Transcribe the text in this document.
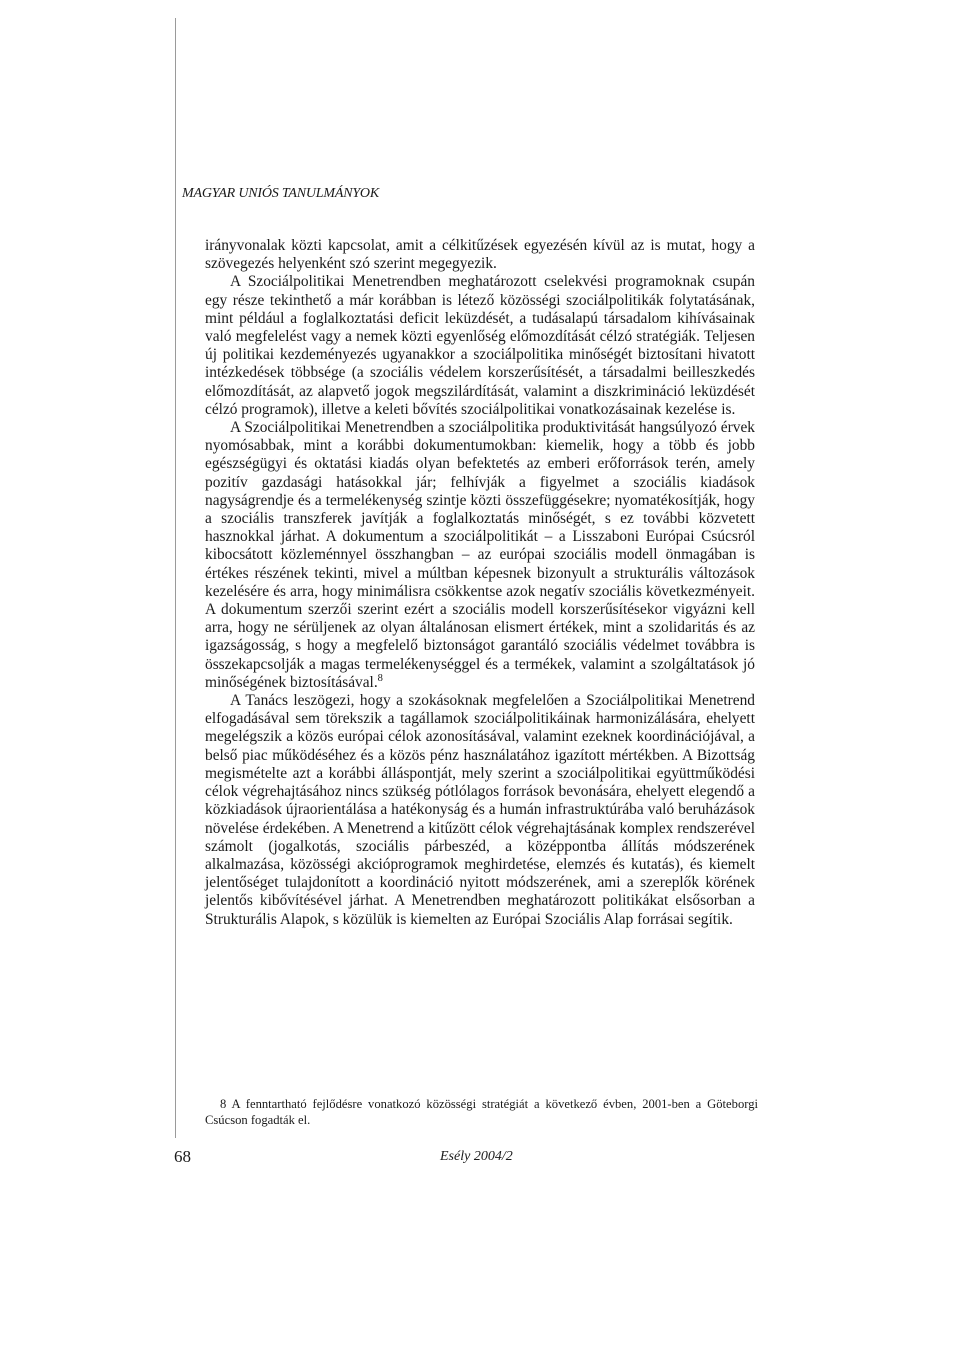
MAGYAR UNIÓS TANULMÁNYOK

irányvonalak közti kapcsolat, amit a célkitűzések egyezésén kívül az is mutat, hogy a szövegezés helyenként szó szerint megegyezik.

A Szociálpolitikai Menetrendben meghatározott cselekvési programoknak csupán egy része tekinthető a már korábban is létező közösségi szociálpolitikák folytatásának, mint például a foglalkoztatási deficit leküzdését, a tudásalapú társadalom kihívásainak való megfelelést vagy a nemek közti egyenlőség előmozdítását célzó stratégiák. Teljesen új politikai kezdeményezés ugyanakkor a szociálpolitika minőségét biztosítani hivatott intézkedések többsége (a szociális védelem korszerűsítését, a társadalmi beilleszkedés előmozdítását, az alapvető jogok megszilárdítását, valamint a diszkrimináció leküzdését célzó programok), illetve a keleti bővítés szociálpolitikai vonatkozásainak kezelése is.

A Szociálpolitikai Menetrendben a szociálpolitika produktivitását hangsúlyozó érvek nyomósabbak, mint a korábbi dokumentumokban: kiemelik, hogy a több és jobb egészségügyi és oktatási kiadás olyan befektetés az emberi erőforrások terén, amely pozitív gazdasági hatásokkal jár; felhívják a figyelmet a szociális kiadások nagyságrendje és a termelékenység szintje közti összefüggésekre; nyomatékosítják, hogy a szociális transzferek javítják a foglalkoztatás minőségét, s ez további közvetett hasznokkal járhat. A dokumentum a szociálpolitikát – a Lisszaboni Európai Csúcsról kibocsátott közleménnyel összhangban – az európai szociális modell önmagában is értékes részének tekinti, mivel a múltban képesnek bizonyult a strukturális változások kezelésére és arra, hogy minimálisra csökkentse azok negatív szociális következményeit. A dokumentum szerzői szerint ezért a szociális modell korszerűsítésekor vigyázni kell arra, hogy ne sérüljenek az olyan általánosan elismert értékek, mint a szolidaritás és az igazságosság, s hogy a megfelelő biztonságot garantáló szociális védelmet továbbra is összekapcsolják a magas termelékenységgel és a termékek, valamint a szolgáltatások jó minőségének biztosításával.$^8$

A Tanács leszögezi, hogy a szokásoknak megfelelően a Szociálpolitikai Menetrend elfogadásával sem törekszik a tagállamok szociálpolitikáinak harmonizálására, ehelyett megelégszik a közös európai célok azonosításával, valamint ezeknek koordinációjával, a belső piac működéséhez és a közös pénz használatához igazított mértékben. A Bizottság megismételte azt a korábbi álláspontját, mely szerint a szociálpolitikai együttműködési célok végrehajtásához nincs szükség pótlólagos források bevonására, ehelyett elegendő a közkiadások újraorientálása a hatékonyság és a humán infrastruktúrába való beruházások növelése érdekében. A Menetrend a kitűzött célok végrehajtásának komplex rendszerével számolt (jogalkotás, szociális párbeszéd, a középpontba állítás módszerének alkalmazása, közösségi akcióprogramok meghirdetése, elemzés és kutatás), és kiemelt jelentőséget tulajdonított a koordináció nyitott módszerének, ami a szereplők körének jelentős kibővítésével járhat. A Menetrendben meghatározott politikákat elsősorban a Strukturális Alapok, s közülük is kiemelten az Európai Szociális Alap forrásai segítik.

8 A fenntartható fejlődésre vonatkozó közösségi stratégiát a következő évben, 2001-ben a Göteborgi Csúcson fogadták el.
68	Esély 2004/2
